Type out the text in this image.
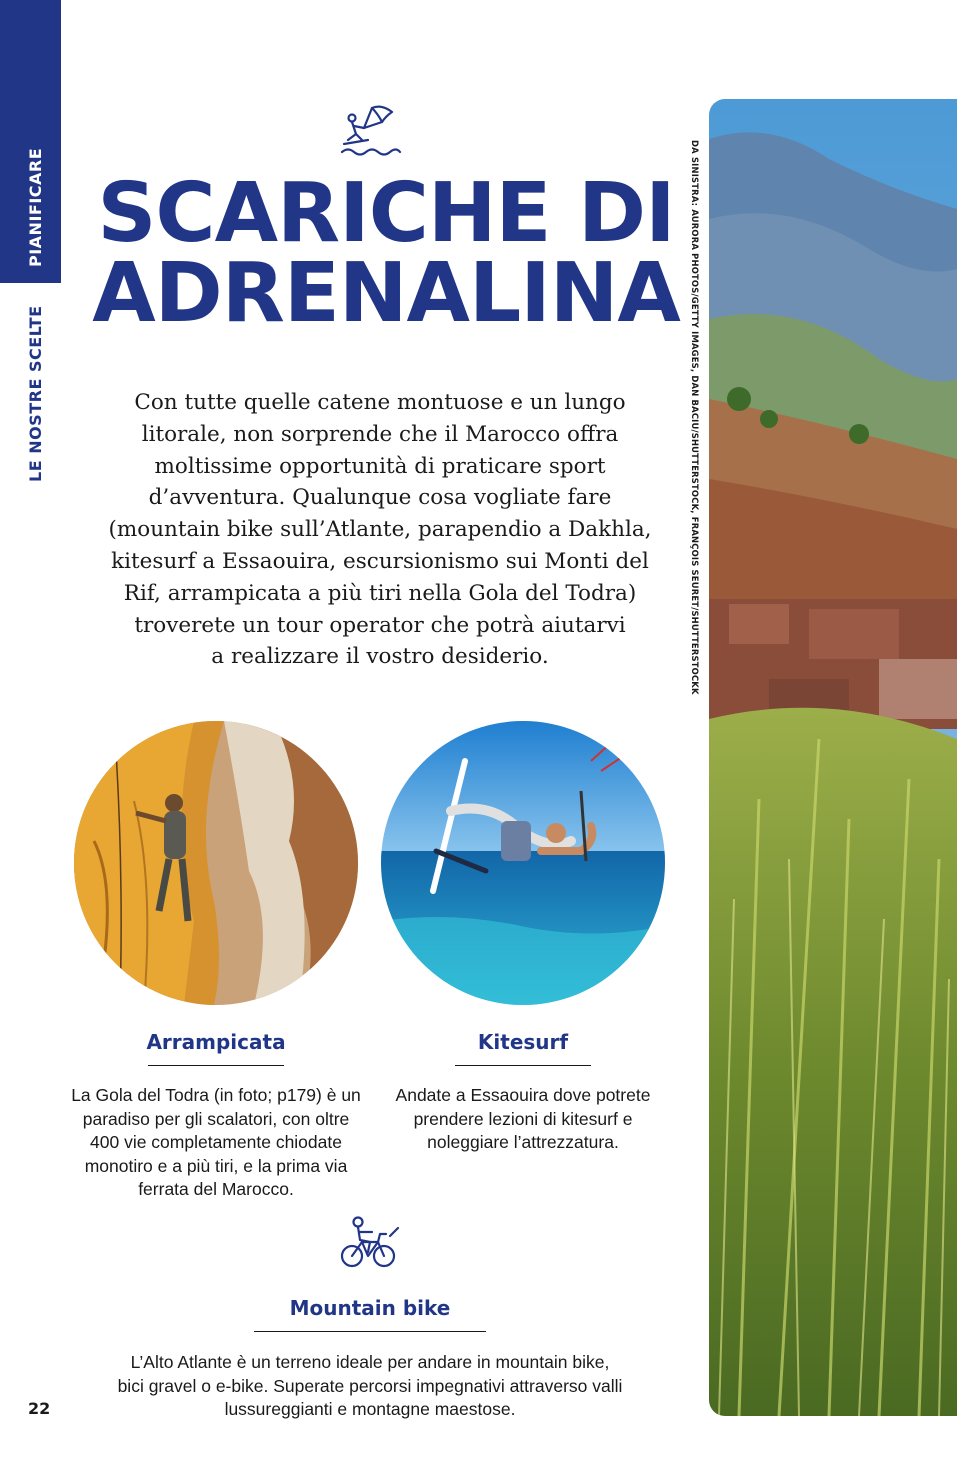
PIANIFICARE
LE NOSTRE SCELTE
SCARICHE DI
ADRENALINA
Con tutte quelle catene montuose e un lungo
litorale, non sorprende che il Marocco offra
moltissime opportunità di praticare sport
d’avventura. Qualunque cosa vogliate fare
(mountain bike sull’Atlante, parapendio a Dakhla,
kitesurf a Essaouira, escursionismo sui Monti del
Rif, arrampicata a più tiri nella Gola del Todra)
troverete un tour operator che potrà aiutarvi
a realizzare il vostro desiderio.
Arrampicata
La Gola del Todra (in foto; p179) è un
paradiso per gli scalatori, con oltre
400 vie completamente chiodate
monotiro e a più tiri, e la prima via
ferrata del Marocco.
Kitesurf
Andate a Essaouira dove potrete
prendere lezioni di kitesurf e
noleggiare l’attrezzatura.
Mountain bike
L’Alto Atlante è un terreno ideale per andare in mountain bike,
bici gravel o e-bike. Superate percorsi impegnativi attraverso valli
lussureggianti e montagne maestose.
22
DA SINISTRA: AURORA PHOTOS/GETTY IMAGES, DAN BACIU/SHUTTERSTOCK, FRANÇOIS SEURET/SHUTTERSTOCKK
